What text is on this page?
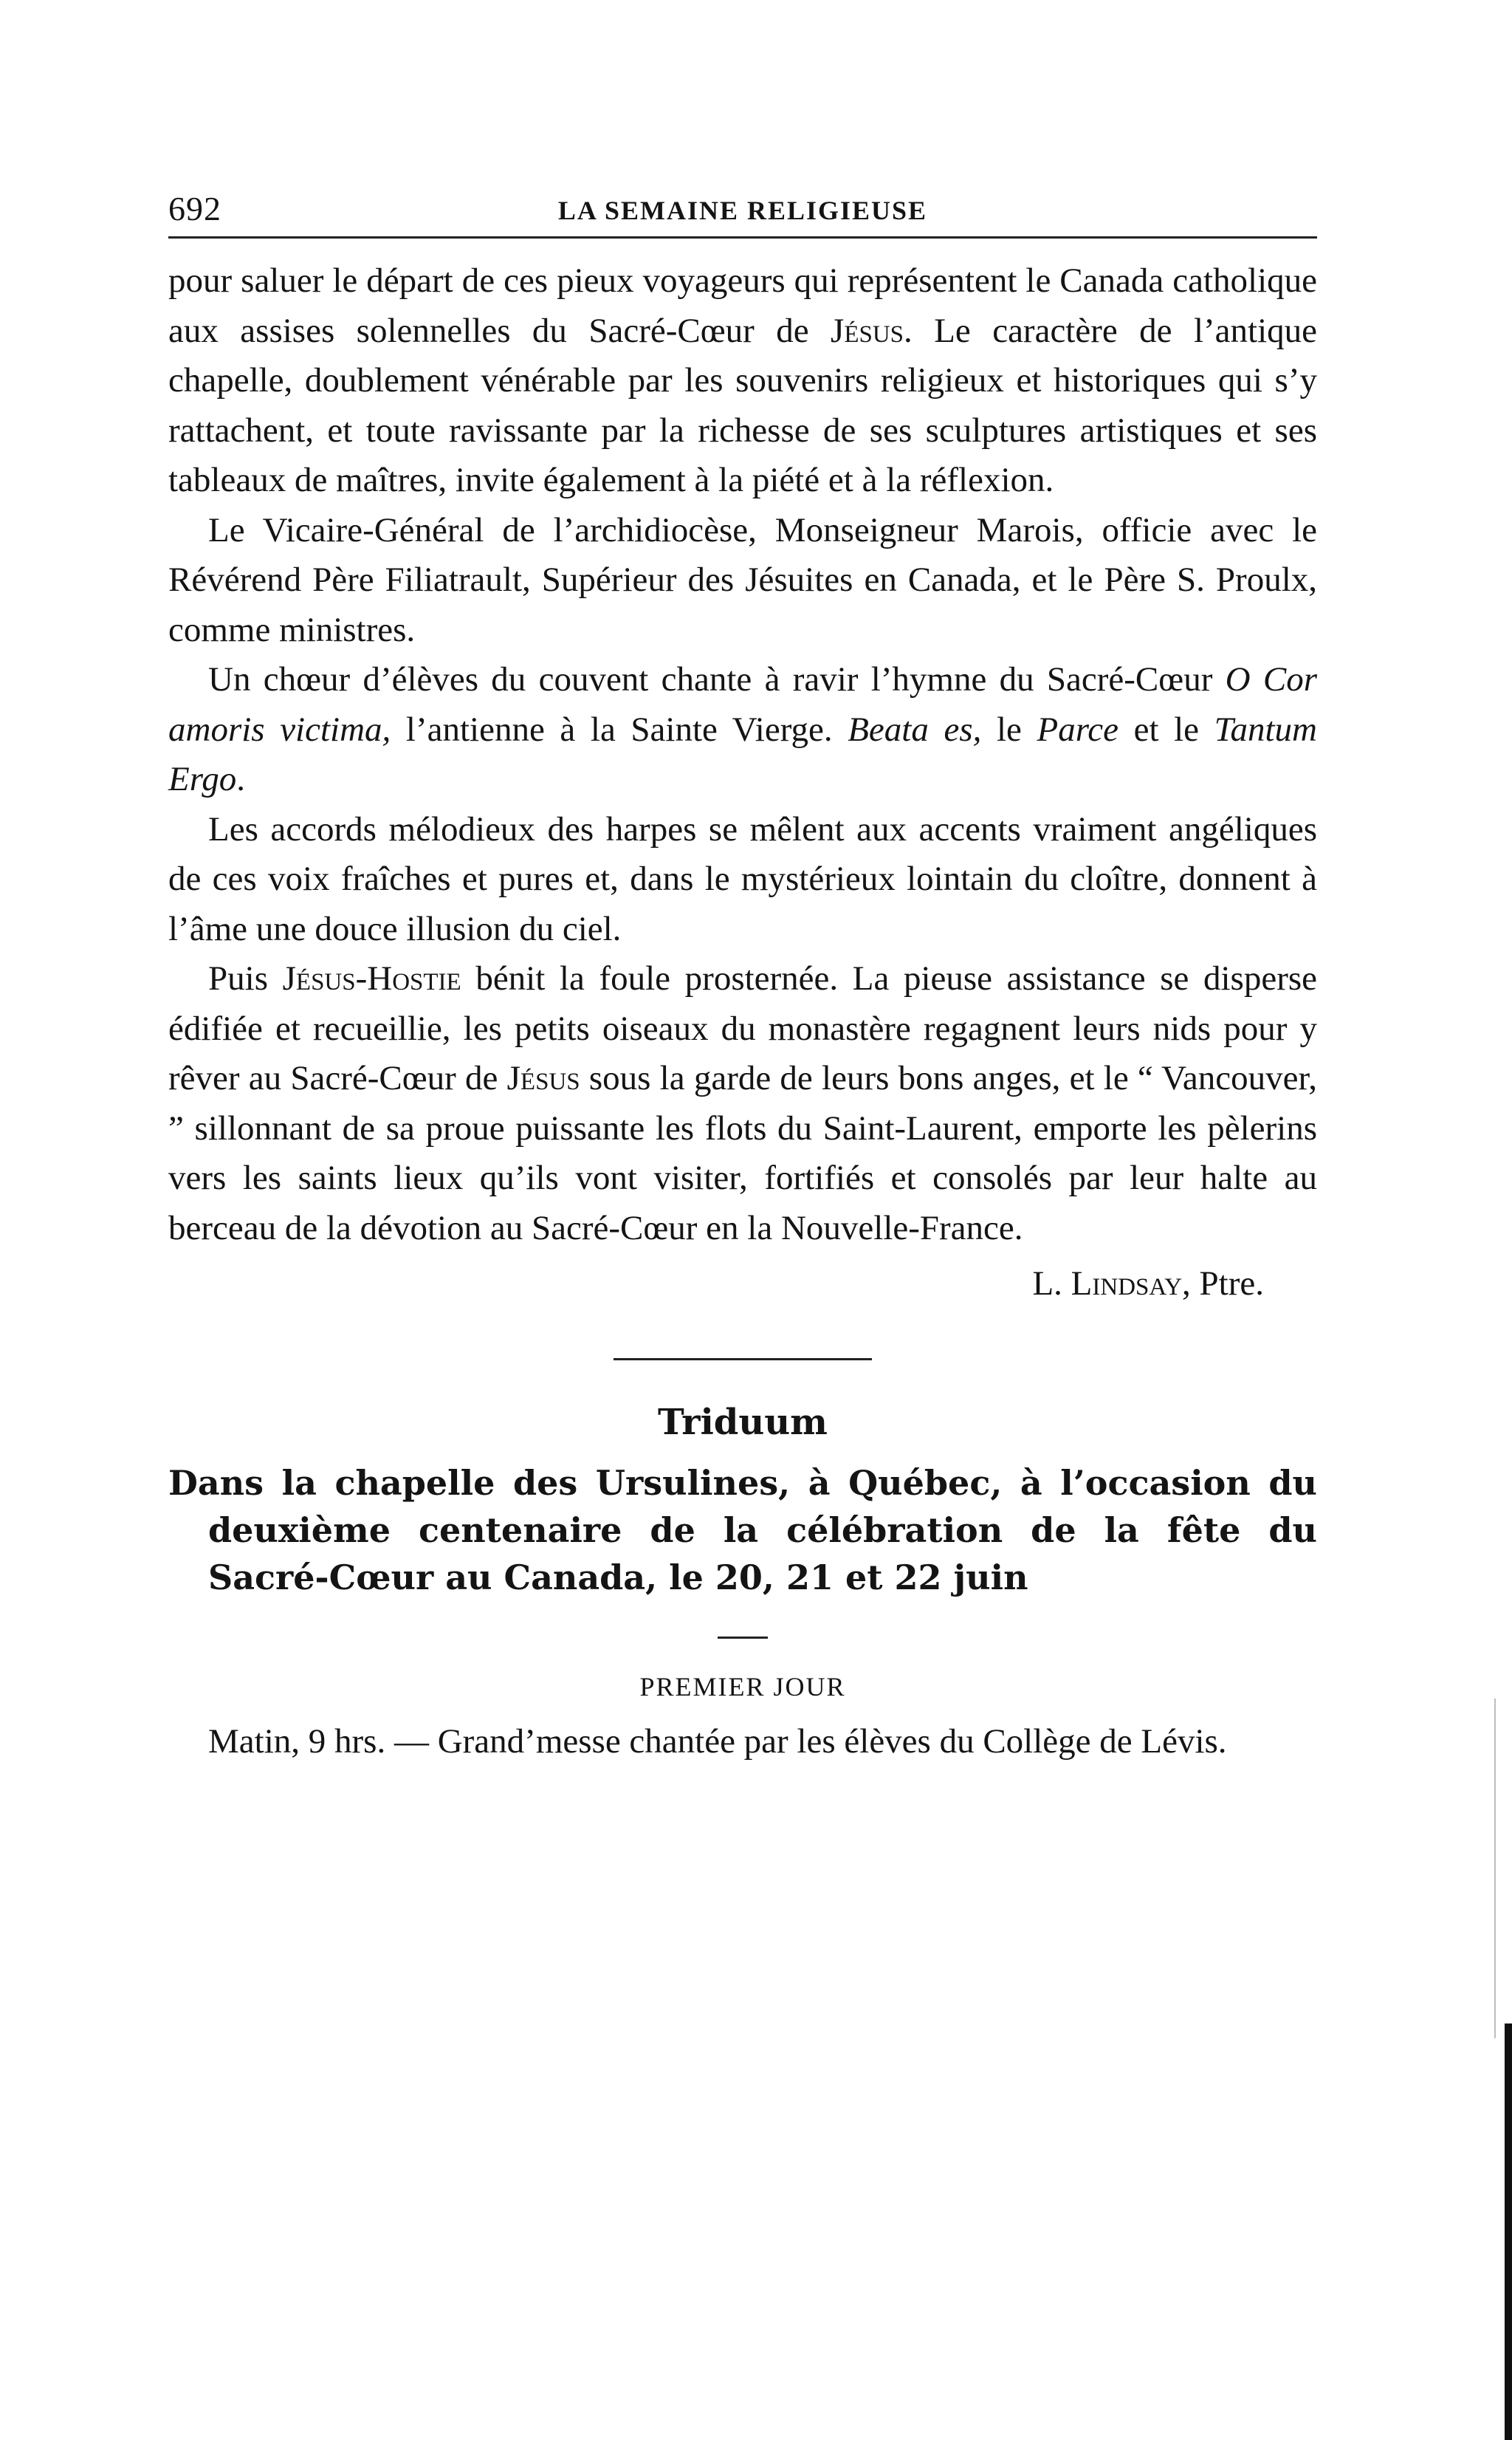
692	LA SEMAINE RELIGIEUSE

pour saluer le départ de ces pieux voyageurs qui représentent le Canada catholique aux assises solennelles du Sacré-Cœur de Jésus. Le caractère de l’antique chapelle, doublement vénérable par les souvenirs religieux et historiques qui s’y rattachent, et toute ravissante par la richesse de ses sculptures artistiques et ses tableaux de maîtres, invite également à la piété et à la réflexion.

Le Vicaire-Général de l’archidiocèse, Monseigneur Marois, officie avec le Révérend Père Filiatrault, Supérieur des Jésuites en Canada, et le Père S. Proulx, comme ministres.

Un chœur d’élèves du couvent chante à ravir l’hymne du Sacré-Cœur O Cor amoris victima, l’antienne à la Sainte Vierge. Beata es, le Parce et le Tantum Ergo.

Les accords mélodieux des harpes se mêlent aux accents vraiment angéliques de ces voix fraîches et pures et, dans le mystérieux lointain du cloître, donnent à l’âme une douce illusion du ciel.

Puis Jésus-Hostie bénit la foule prosternée. La pieuse assistance se disperse édifiée et recueillie, les petits oiseaux du monastère regagnent leurs nids pour y rêver au Sacré-Cœur de Jésus sous la garde de leurs bons anges, et le “ Vancouver, ” sillonnant de sa proue puissante les flots du Saint-Laurent, emporte les pèlerins vers les saints lieux qu’ils vont visiter, fortifiés et consolés par leur halte au berceau de la dévotion au Sacré-Cœur en la Nouvelle-France.

L. Lindsay, Ptre.
Triduum
Dans la chapelle des Ursulines, à Québec, à l’occasion du deuxième centenaire de la célébration de la fête du Sacré-Cœur au Canada, le 20, 21 et 22 juin
PREMIER JOUR

Matin, 9 hrs. — Grand’messe chantée par les élèves du Collège de Lévis.
